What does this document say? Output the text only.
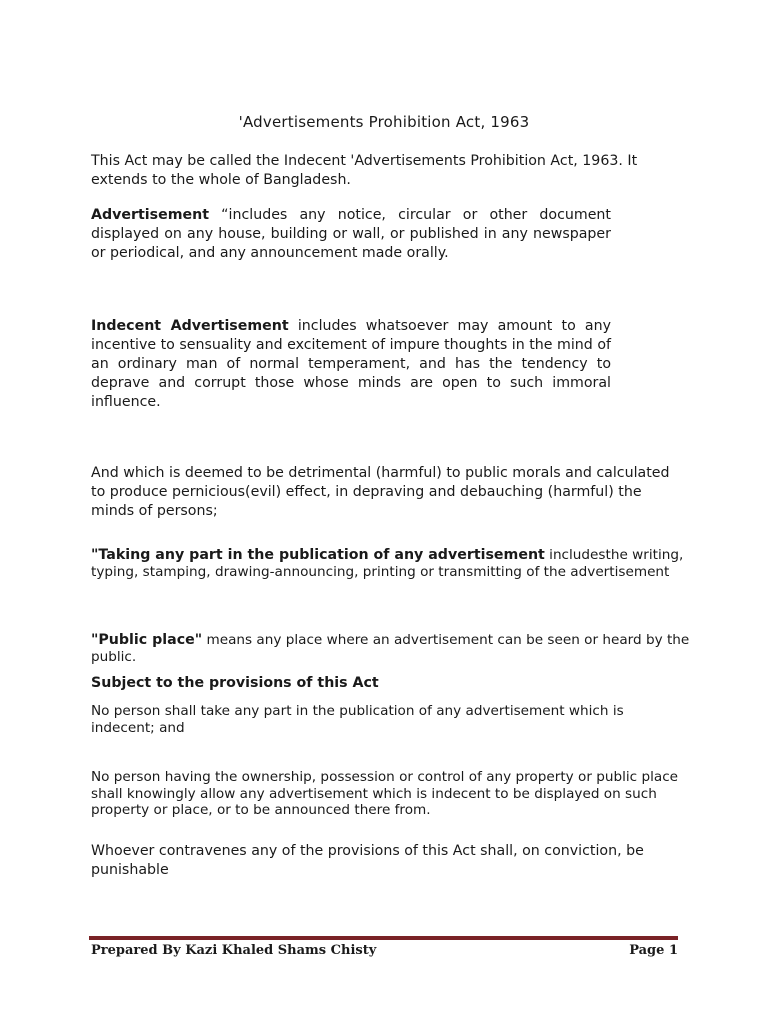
'Advertisements Prohibition Act, 1963

This Act may be called the Indecent 'Advertisements Prohibition Act, 1963. It extends to the whole of Bangladesh.

Advertisement “includes any notice, circular or other document displayed on any house, building or wall, or published in any newspaper or periodical, and any announcement made orally.

Indecent Advertisement includes whatsoever may amount to any incentive to sensuality and excitement of impure thoughts in the mind of an ordinary man of normal temperament, and has the tendency to deprave and corrupt those whose minds are open to such immoral influence.

And which is deemed to be detrimental (harmful) to public morals and calculated to produce pernicious(evil) effect, in depraving and debauching (harmful) the minds of persons;

"Taking any part in the publication of any advertisement includesthe writing, typing, stamping, drawing-announcing, printing or transmitting of the advertisement

"Public place" means any place where an advertisement can be seen or heard by the public.

Subject to the provisions of this Act

No person shall take any part in the publication of any advertisement which is indecent; and

No person having the ownership, possession or control of any property or public place shall knowingly allow any advertisement which is indecent to be displayed on such property or place, or to be announced there from.

Whoever contravenes any of the provisions of this Act shall, on conviction, be punishable

Prepared By Kazi Khaled Shams Chisty	Page 1
